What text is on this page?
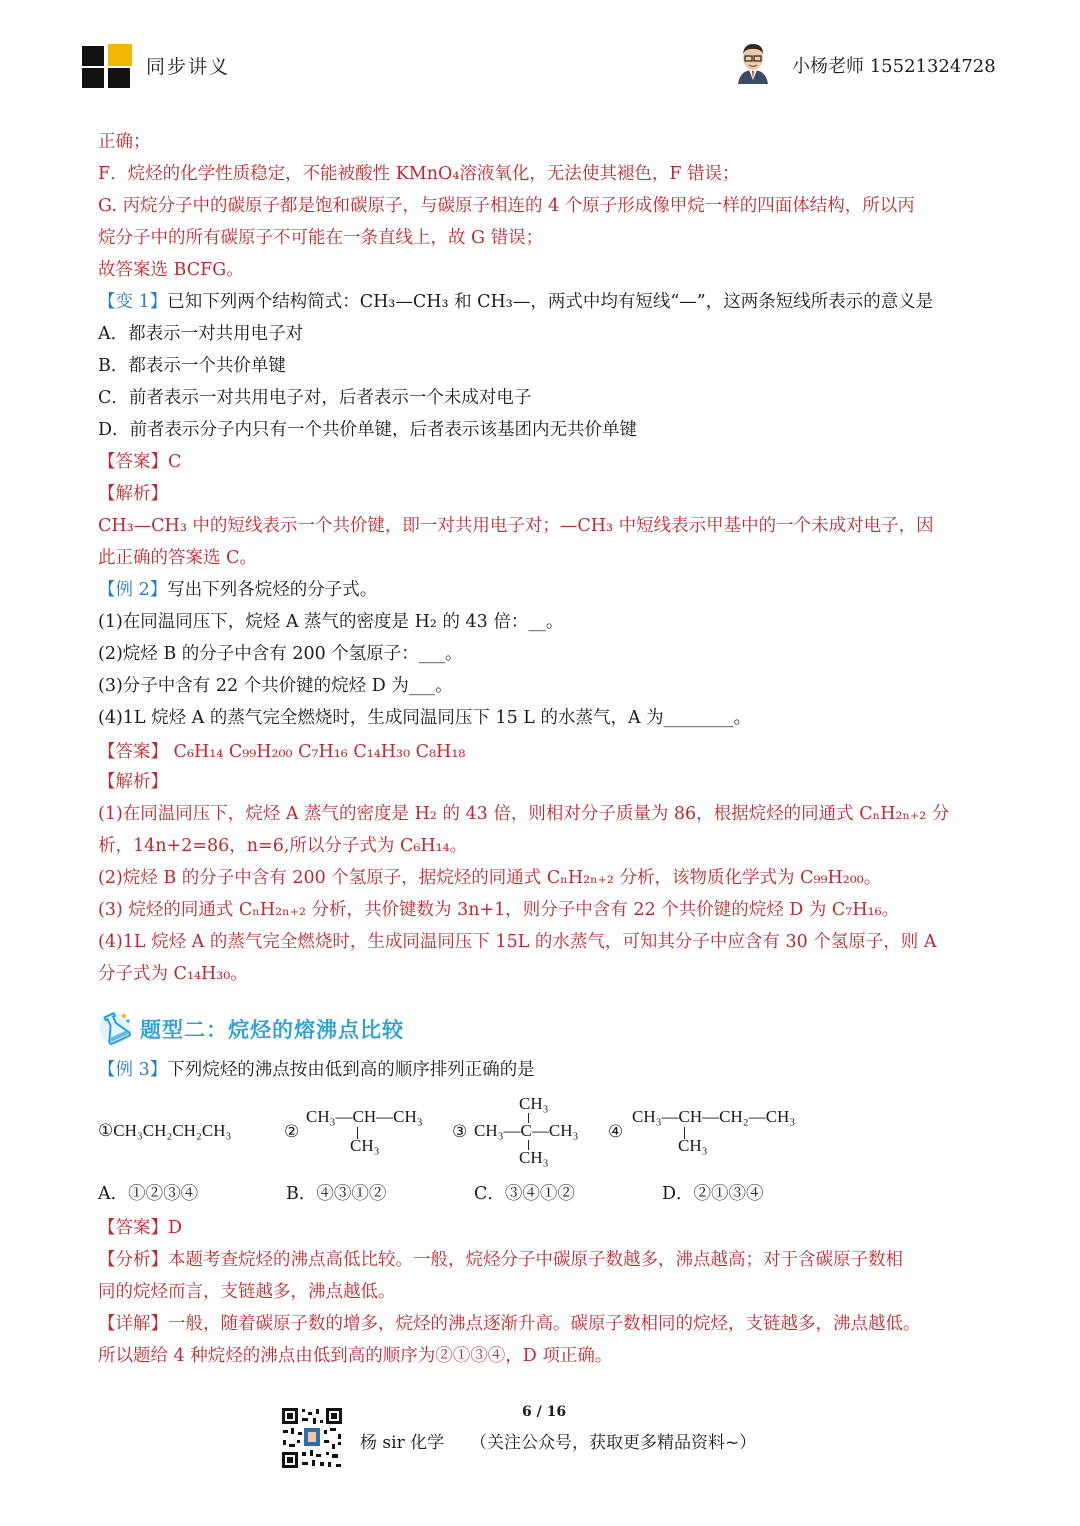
同步讲义	小杨老师 15521324728
正确；
F．烷烃的化学性质稳定，不能被酸性 KMnO₄溶液氧化，无法使其褪色，F 错误；
G. 丙烷分子中的碳原子都是饱和碳原子，与碳原子相连的 4 个原子形成像甲烷一样的四面体结构，所以丙
烷分子中的所有碳原子不可能在一条直线上，故 G 错误；
故答案选 BCFG。
【变 1】已知下列两个结构简式：CH₃—CH₃ 和 CH₃—，两式中均有短线“—”，这两条短线所表示的意义是
A．都表示一对共用电子对
B．都表示一个共价单键
C．前者表示一对共用电子对，后者表示一个未成对电子
D．前者表示分子内只有一个共价单键，后者表示该基团内无共价单键
【答案】C
【解析】
CH₃—CH₃ 中的短线表示一个共价键，即一对共用电子对；—CH₃ 中短线表示甲基中的一个未成对电子，因
此正确的答案选 C。
【例 2】写出下列各烷烃的分子式。
(1)在同温同压下，烷烃 A 蒸气的密度是 H₂ 的 43 倍：__。
(2)烷烃 B 的分子中含有 200 个氢原子：___。
(3)分子中含有 22 个共价键的烷烃 D 为___。
(4)1L 烷烃 A 的蒸气完全燃烧时，生成同温同压下 15 L 的水蒸气，A 为________。
【答案】 C₆H₁₄ C₉₉H₂₀₀ C₇H₁₆ C₁₄H₃₀ C₈H₁₈
【解析】
(1)在同温同压下，烷烃 A 蒸气的密度是 H₂ 的 43 倍，则相对分子质量为 86，根据烷烃的同通式 CₙH₂ₙ₊₂ 分
析，14n+2=86，n=6,所以分子式为 C₆H₁₄。
(2)烷烃 B 的分子中含有 200 个氢原子，据烷烃的同通式 CₙH₂ₙ₊₂ 分析，该物质化学式为 C₉₉H₂₀₀。
(3) 烷烃的同通式 CₙH₂ₙ₊₂ 分析，共价键数为 3n+1，则分子中含有 22 个共价键的烷烃 D 为 C₇H₁₆。
(4)1L 烷烃 A 的蒸气完全燃烧时，生成同温同压下 15L 的水蒸气，可知其分子中应含有 30 个氢原子，则 A
分子式为 C₁₄H₃₀。
题型二：烷烃的熔沸点比较
【例 3】下列烷烃的沸点按由低到高的顺序排列正确的是
①CH₃CH₂CH₂CH₃	②
CH₃—CH—CH₃
CH₃
③
CH₃
CH₃—C—CH₃
CH₃
④
CH₃—CH—CH₂—CH₃
CH₃
A．①②③④	B．④③①②	C．③④①②	D．②①③④
【答案】D
【分析】本题考查烷烃的沸点高低比较。一般，烷烃分子中碳原子数越多，沸点越高；对于含碳原子数相
同的烷烃而言，支链越多，沸点越低。
【详解】一般，随着碳原子数的增多，烷烃的沸点逐渐升高。碳原子数相同的烷烃，支链越多，沸点越低。
所以题给 4 种烷烃的沸点由低到高的顺序为②①③④，D 项正确。
6 / 16
杨 sir 化学 （关注公众号，获取更多精品资料~）
